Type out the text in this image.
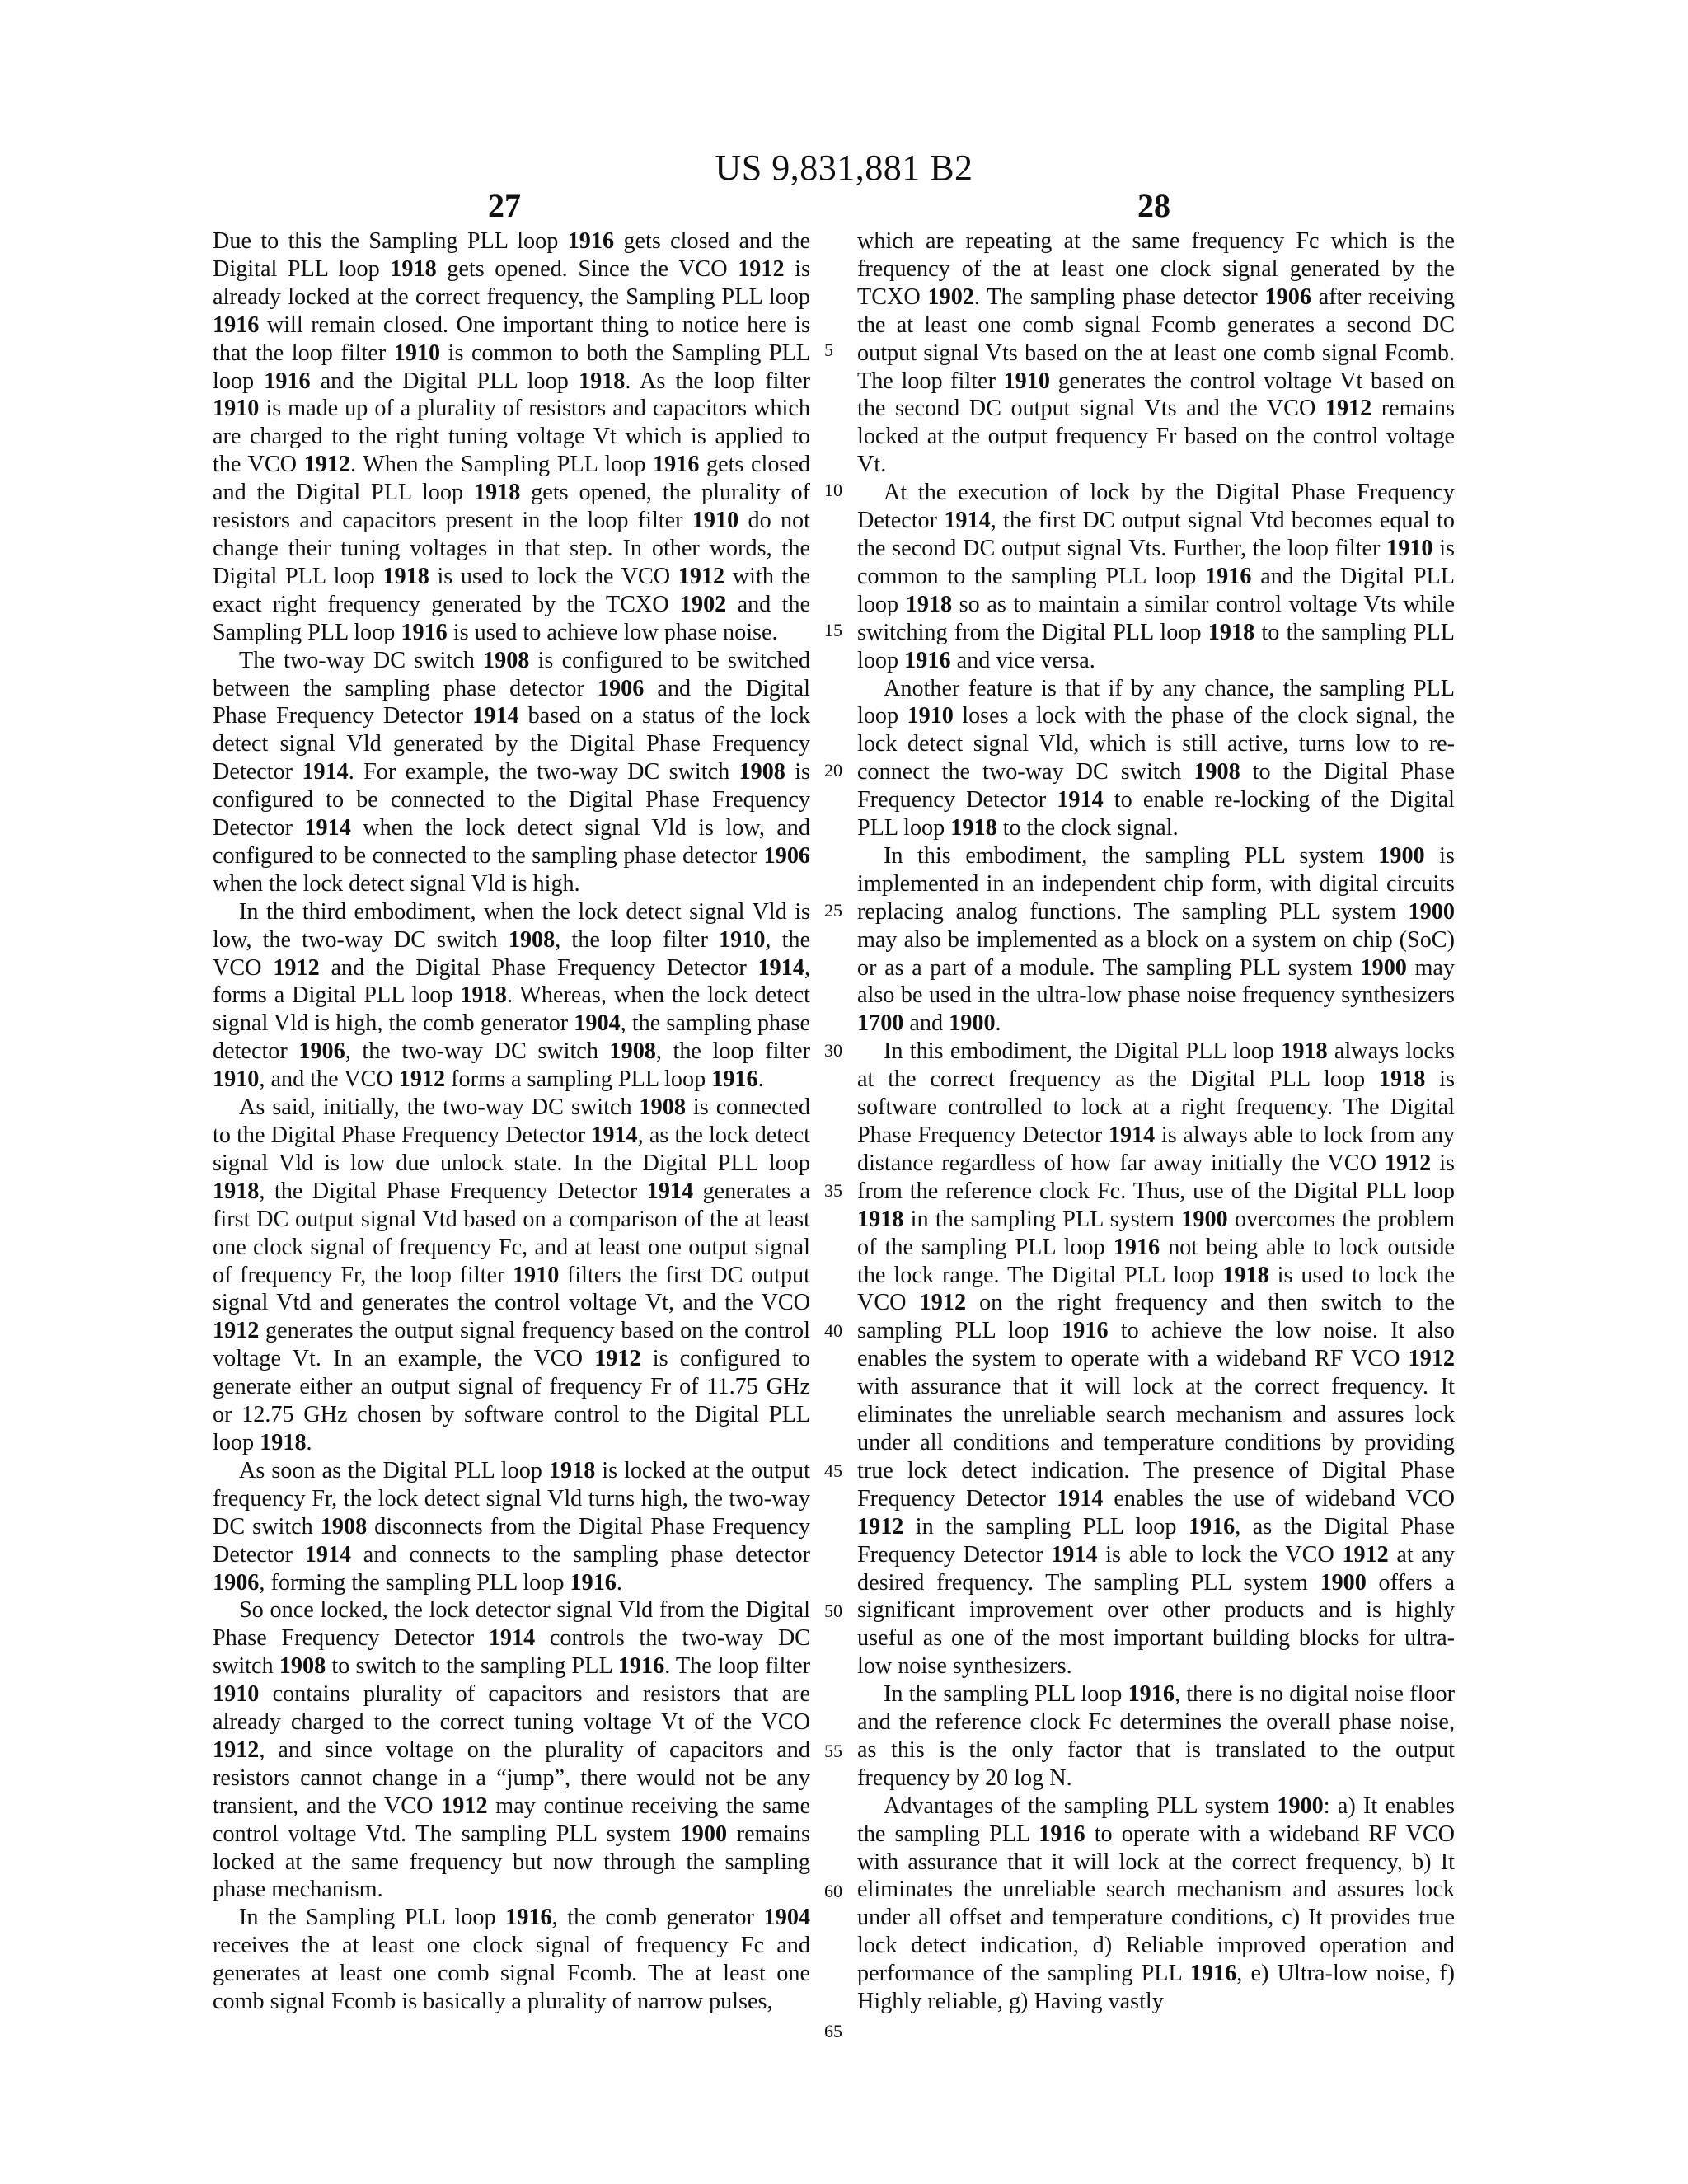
US 9,831,881 B2
27	28

Due to this the Sampling PLL loop 1916 gets closed and the Digital PLL loop 1918 gets opened. Since the VCO 1912 is already locked at the correct frequency, the Sampling PLL loop 1916 will remain closed. One important thing to notice here is that the loop filter 1910 is common to both the Sampling PLL loop 1916 and the Digital PLL loop 1918. As the loop filter 1910 is made up of a plurality of resistors and capacitors which are charged to the right tuning voltage Vt which is applied to the VCO 1912. When the Sampling PLL loop 1916 gets closed and the Digital PLL loop 1918 gets opened, the plurality of resistors and capacitors present in the loop filter 1910 do not change their tuning voltages in that step. In other words, the Digital PLL loop 1918 is used to lock the VCO 1912 with the exact right frequency generated by the TCXO 1902 and the Sampling PLL loop 1916 is used to achieve low phase noise.

The two-way DC switch 1908 is configured to be switched between the sampling phase detector 1906 and the Digital Phase Frequency Detector 1914 based on a status of the lock detect signal Vld generated by the Digital Phase Frequency Detector 1914. For example, the two-way DC switch 1908 is configured to be connected to the Digital Phase Frequency Detector 1914 when the lock detect signal Vld is low, and configured to be connected to the sampling phase detector 1906 when the lock detect signal Vld is high.

In the third embodiment, when the lock detect signal Vld is low, the two-way DC switch 1908, the loop filter 1910, the VCO 1912 and the Digital Phase Frequency Detector 1914, forms a Digital PLL loop 1918. Whereas, when the lock detect signal Vld is high, the comb generator 1904, the sampling phase detector 1906, the two-way DC switch 1908, the loop filter 1910, and the VCO 1912 forms a sampling PLL loop 1916.

As said, initially, the two-way DC switch 1908 is connected to the Digital Phase Frequency Detector 1914, as the lock detect signal Vld is low due unlock state. In the Digital PLL loop 1918, the Digital Phase Frequency Detector 1914 generates a first DC output signal Vtd based on a comparison of the at least one clock signal of frequency Fc, and at least one output signal of frequency Fr, the loop filter 1910 filters the first DC output signal Vtd and generates the control voltage Vt, and the VCO 1912 generates the output signal frequency based on the control voltage Vt. In an example, the VCO 1912 is configured to generate either an output signal of frequency Fr of 11.75 GHz or 12.75 GHz chosen by software control to the Digital PLL loop 1918.

As soon as the Digital PLL loop 1918 is locked at the output frequency Fr, the lock detect signal Vld turns high, the two-way DC switch 1908 disconnects from the Digital Phase Frequency Detector 1914 and connects to the sampling phase detector 1906, forming the sampling PLL loop 1916.

So once locked, the lock detector signal Vld from the Digital Phase Frequency Detector 1914 controls the two-way DC switch 1908 to switch to the sampling PLL 1916. The loop filter 1910 contains plurality of capacitors and resistors that are already charged to the correct tuning voltage Vt of the VCO 1912, and since voltage on the plurality of capacitors and resistors cannot change in a “jump”, there would not be any transient, and the VCO 1912 may continue receiving the same control voltage Vtd. The sampling PLL system 1900 remains locked at the same frequency but now through the sampling phase mechanism.

In the Sampling PLL loop 1916, the comb generator 1904 receives the at least one clock signal of frequency Fc and generates at least one comb signal Fcomb. The at least one comb signal Fcomb is basically a plurality of narrow pulses,

5
10
15
20
25
30
35
40
45
50
55
60
65

which are repeating at the same frequency Fc which is the frequency of the at least one clock signal generated by the TCXO 1902. The sampling phase detector 1906 after receiving the at least one comb signal Fcomb generates a second DC output signal Vts based on the at least one comb signal Fcomb. The loop filter 1910 generates the control voltage Vt based on the second DC output signal Vts and the VCO 1912 remains locked at the output frequency Fr based on the control voltage Vt.

At the execution of lock by the Digital Phase Frequency Detector 1914, the first DC output signal Vtd becomes equal to the second DC output signal Vts. Further, the loop filter 1910 is common to the sampling PLL loop 1916 and the Digital PLL loop 1918 so as to maintain a similar control voltage Vts while switching from the Digital PLL loop 1918 to the sampling PLL loop 1916 and vice versa.

Another feature is that if by any chance, the sampling PLL loop 1910 loses a lock with the phase of the clock signal, the lock detect signal Vld, which is still active, turns low to re-connect the two-way DC switch 1908 to the Digital Phase Frequency Detector 1914 to enable re-locking of the Digital PLL loop 1918 to the clock signal.

In this embodiment, the sampling PLL system 1900 is implemented in an independent chip form, with digital circuits replacing analog functions. The sampling PLL system 1900 may also be implemented as a block on a system on chip (SoC) or as a part of a module. The sampling PLL system 1900 may also be used in the ultra-low phase noise frequency synthesizers 1700 and 1900.

In this embodiment, the Digital PLL loop 1918 always locks at the correct frequency as the Digital PLL loop 1918 is software controlled to lock at a right frequency. The Digital Phase Frequency Detector 1914 is always able to lock from any distance regardless of how far away initially the VCO 1912 is from the reference clock Fc. Thus, use of the Digital PLL loop 1918 in the sampling PLL system 1900 overcomes the problem of the sampling PLL loop 1916 not being able to lock outside the lock range. The Digital PLL loop 1918 is used to lock the VCO 1912 on the right frequency and then switch to the sampling PLL loop 1916 to achieve the low noise. It also enables the system to operate with a wideband RF VCO 1912 with assurance that it will lock at the correct frequency. It eliminates the unreliable search mechanism and assures lock under all conditions and temperature conditions by providing true lock detect indication. The presence of Digital Phase Frequency Detector 1914 enables the use of wideband VCO 1912 in the sampling PLL loop 1916, as the Digital Phase Frequency Detector 1914 is able to lock the VCO 1912 at any desired frequency. The sampling PLL system 1900 offers a significant improvement over other products and is highly useful as one of the most important building blocks for ultra-low noise synthesizers.

In the sampling PLL loop 1916, there is no digital noise floor and the reference clock Fc determines the overall phase noise, as this is the only factor that is translated to the output frequency by 20 log N.

Advantages of the sampling PLL system 1900: a) It enables the sampling PLL 1916 to operate with a wideband RF VCO with assurance that it will lock at the correct frequency, b) It eliminates the unreliable search mechanism and assures lock under all offset and temperature conditions, c) It provides true lock detect indication, d) Reliable improved operation and performance of the sampling PLL 1916, e) Ultra-low noise, f) Highly reliable, g) Having vastly
